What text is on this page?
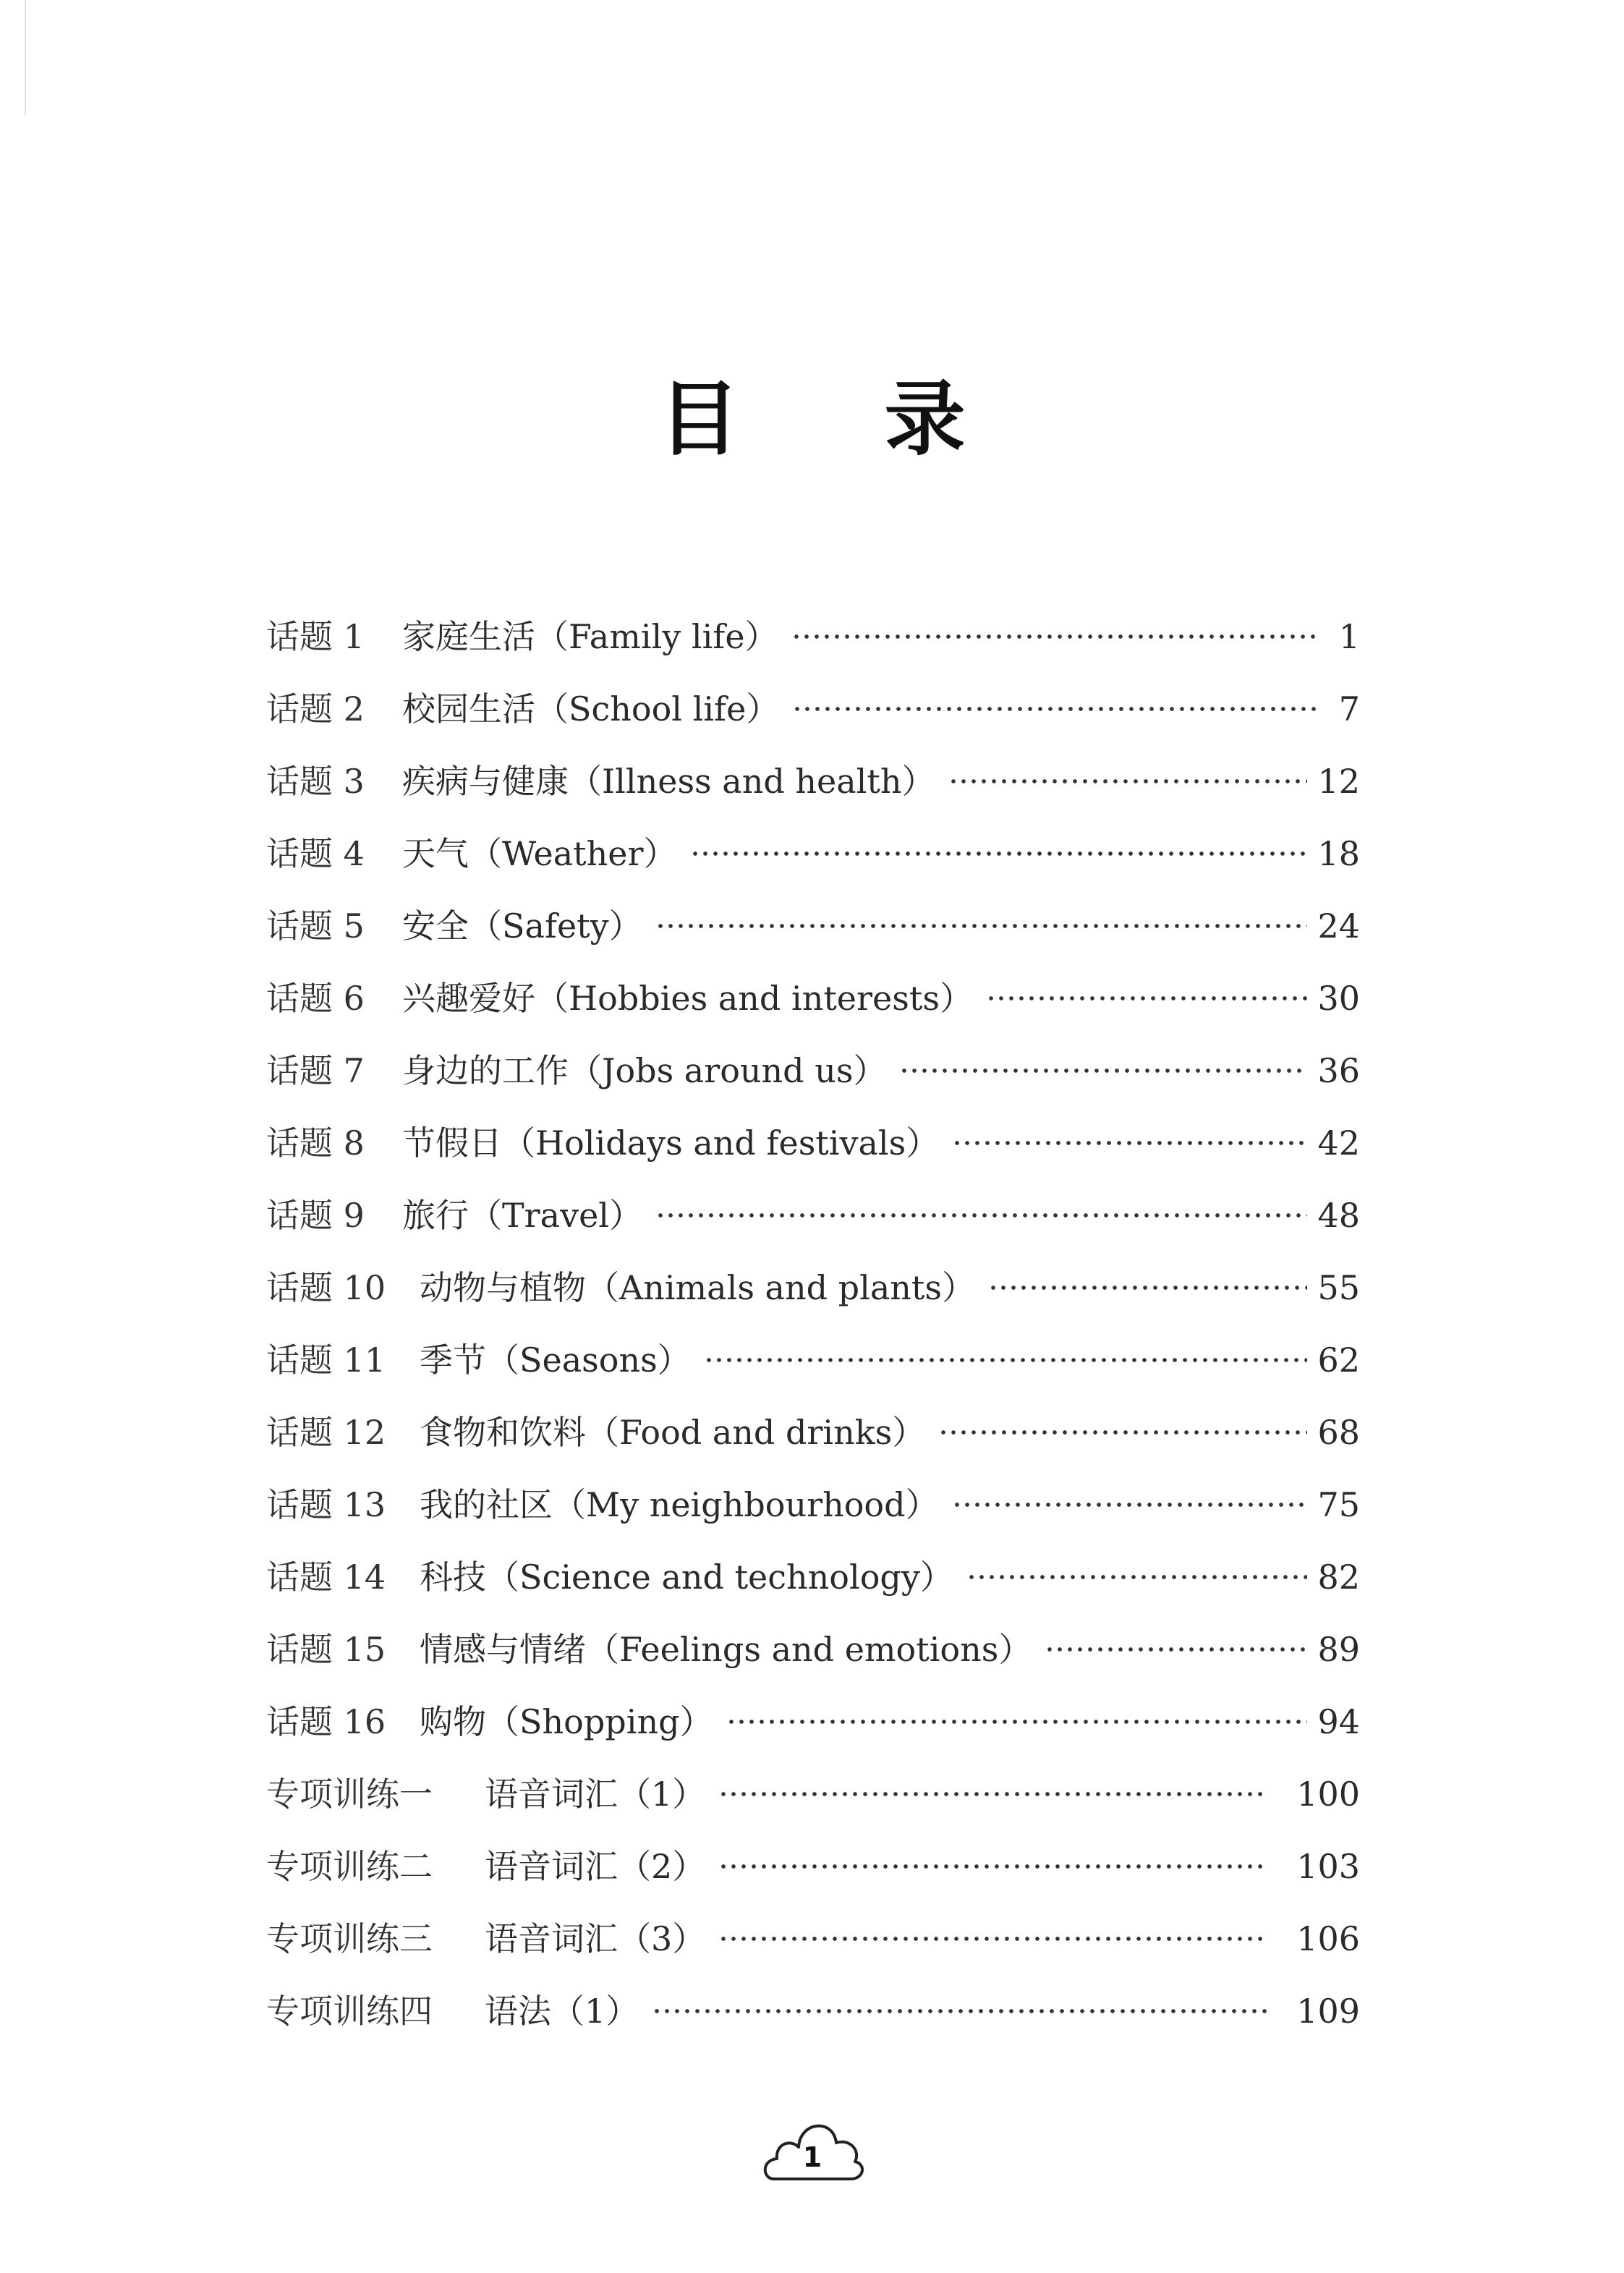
目 录
话题 1	家庭生活（Family life）	1
话题 2	校园生活（School life）	7
话题 3	疾病与健康（Illness and health）	12
话题 4	天气（Weather）	18
话题 5	安全（Safety）	24
话题 6	兴趣爱好（Hobbies and interests）	30
话题 7	身边的工作（Jobs around us）	36
话题 8	节假日（Holidays and festivals）	42
话题 9	旅行（Travel）	48
话题 10	动物与植物（Animals and plants）	55
话题 11	季节（Seasons）	62
话题 12	食物和饮料（Food and drinks）	68
话题 13	我的社区（My neighbourhood）	75
话题 14	科技（Science and technology）	82
话题 15	情感与情绪（Feelings and emotions）	89
话题 16	购物（Shopping）	94
专项训练一	语音词汇（1）	100
专项训练二	语音词汇（2）	103
专项训练三	语音词汇（3）	106
专项训练四	语法（1）	109
1
